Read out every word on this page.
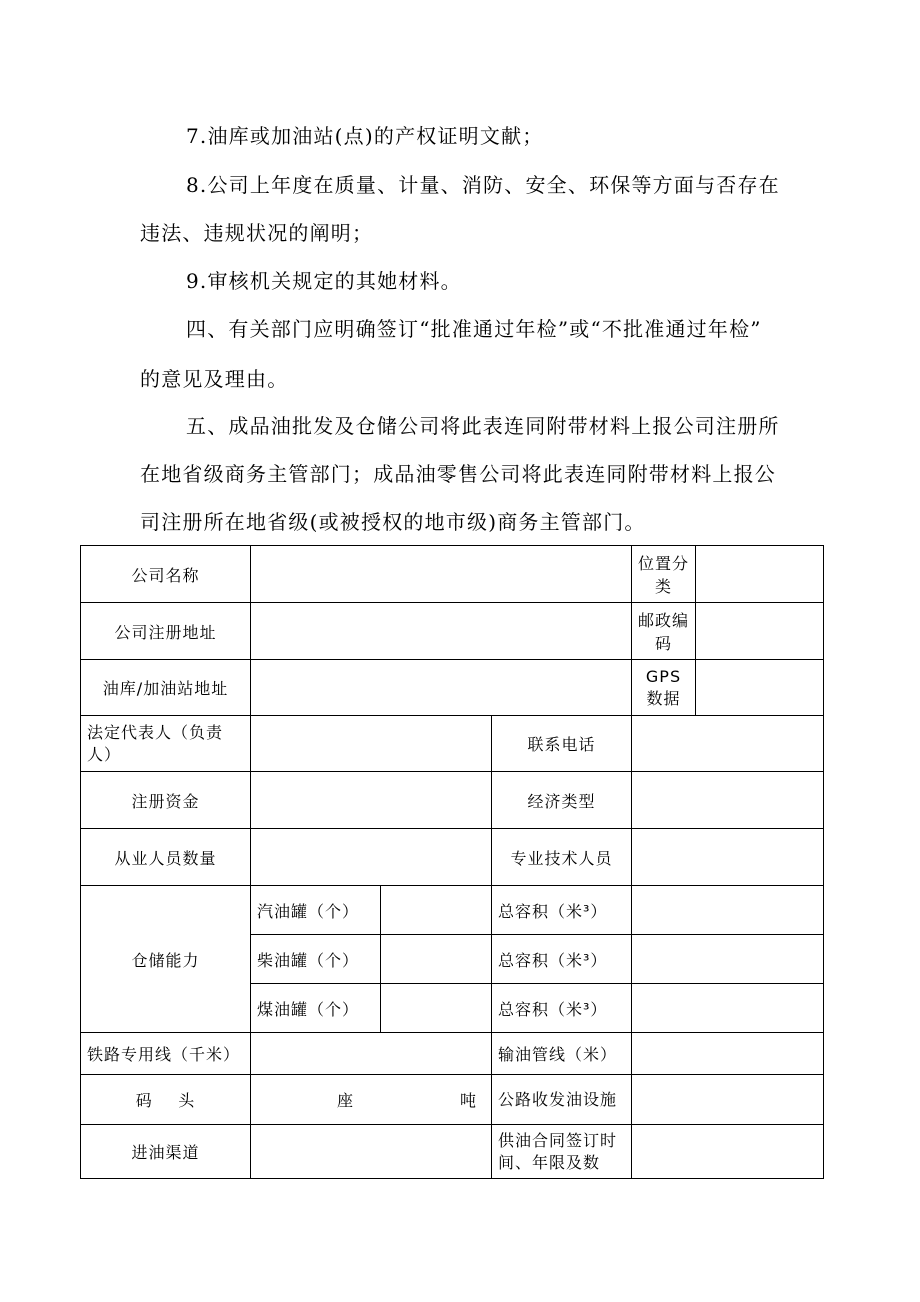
7.油库或加油站(点)的产权证明文献；

8.公司上年度在质量、计量、消防、安全、环保等方面与否存在

违法、违规状况的阐明；

9.审核机关规定的其她材料。

四、有关部门应明确签订“批准通过年检”或“不批准通过年检”

的意见及理由。

五、成品油批发及仓储公司将此表连同附带材料上报公司注册所

在地省级商务主管部门；成品油零售公司将此表连同附带材料上报公

司注册所在地省级(或被授权的地市级)商务主管部门。

公司名称				位置分类	
公司注册地址				邮政编码	
油库/加油站地址				GPS 数据	
法定代表人（负责人）			联系电话		
注册资金			经济类型		
从业人员数量			专业技术人员		
仓储能力	汽油罐（个）		总容积（米³）		
	柴油罐（个）		总容积（米³）		
	煤油罐（个）		总容积（米³）		
铁路专用线（千米）			输油管线（米）		

码 头	座 吨		公路收发油设施		
进油渠道			供油合同签订时间、年限及数		
